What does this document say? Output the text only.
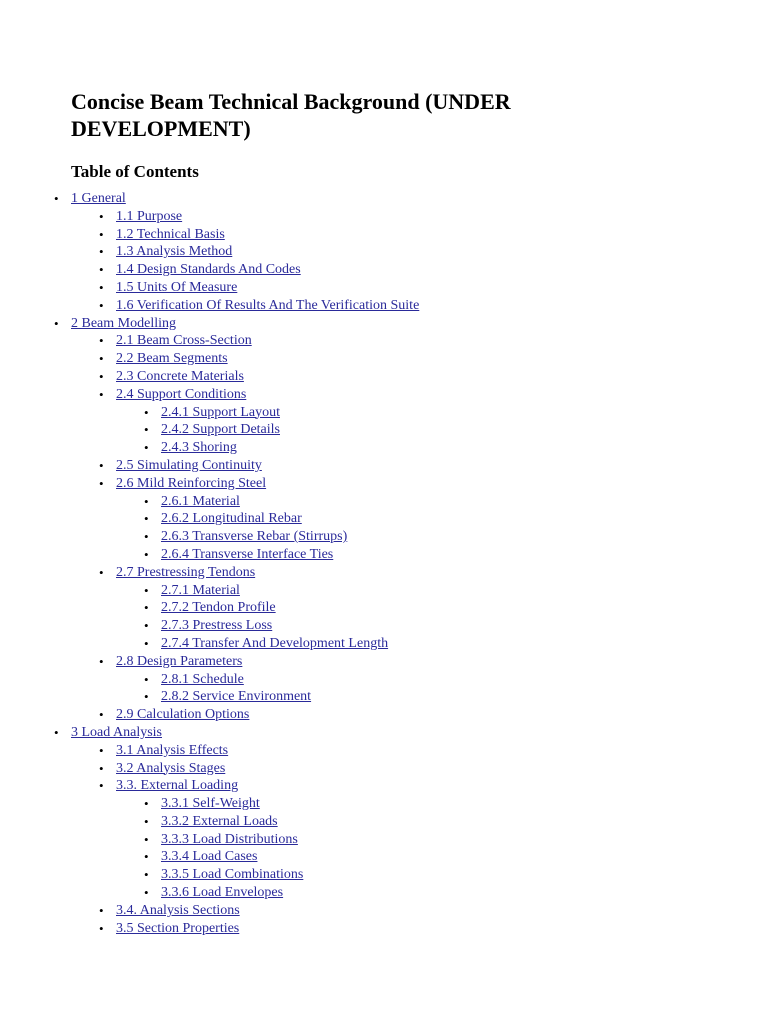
Concise Beam Technical Background (UNDER DEVELOPMENT)
Table of Contents
• 1 General
• 1.1 Purpose
• 1.2 Technical Basis
• 1.3 Analysis Method
• 1.4 Design Standards And Codes
• 1.5 Units Of Measure
• 1.6 Verification Of Results And The Verification Suite
• 2 Beam Modelling
• 2.1 Beam Cross-Section
• 2.2 Beam Segments
• 2.3 Concrete Materials
• 2.4 Support Conditions
• 2.4.1 Support Layout
• 2.4.2 Support Details
• 2.4.3 Shoring
• 2.5 Simulating Continuity
• 2.6 Mild Reinforcing Steel
• 2.6.1 Material
• 2.6.2 Longitudinal Rebar
• 2.6.3 Transverse Rebar (Stirrups)
• 2.6.4 Transverse Interface Ties
• 2.7 Prestressing Tendons
• 2.7.1 Material
• 2.7.2 Tendon Profile
• 2.7.3 Prestress Loss
• 2.7.4 Transfer And Development Length
• 2.8 Design Parameters
• 2.8.1 Schedule
• 2.8.2 Service Environment
• 2.9 Calculation Options
• 3 Load Analysis
• 3.1 Analysis Effects
• 3.2 Analysis Stages
• 3.3. External Loading
• 3.3.1 Self-Weight
• 3.3.2 External Loads
• 3.3.3 Load Distributions
• 3.3.4 Load Cases
• 3.3.5 Load Combinations
• 3.3.6 Load Envelopes
• 3.4. Analysis Sections
• 3.5 Section Properties
